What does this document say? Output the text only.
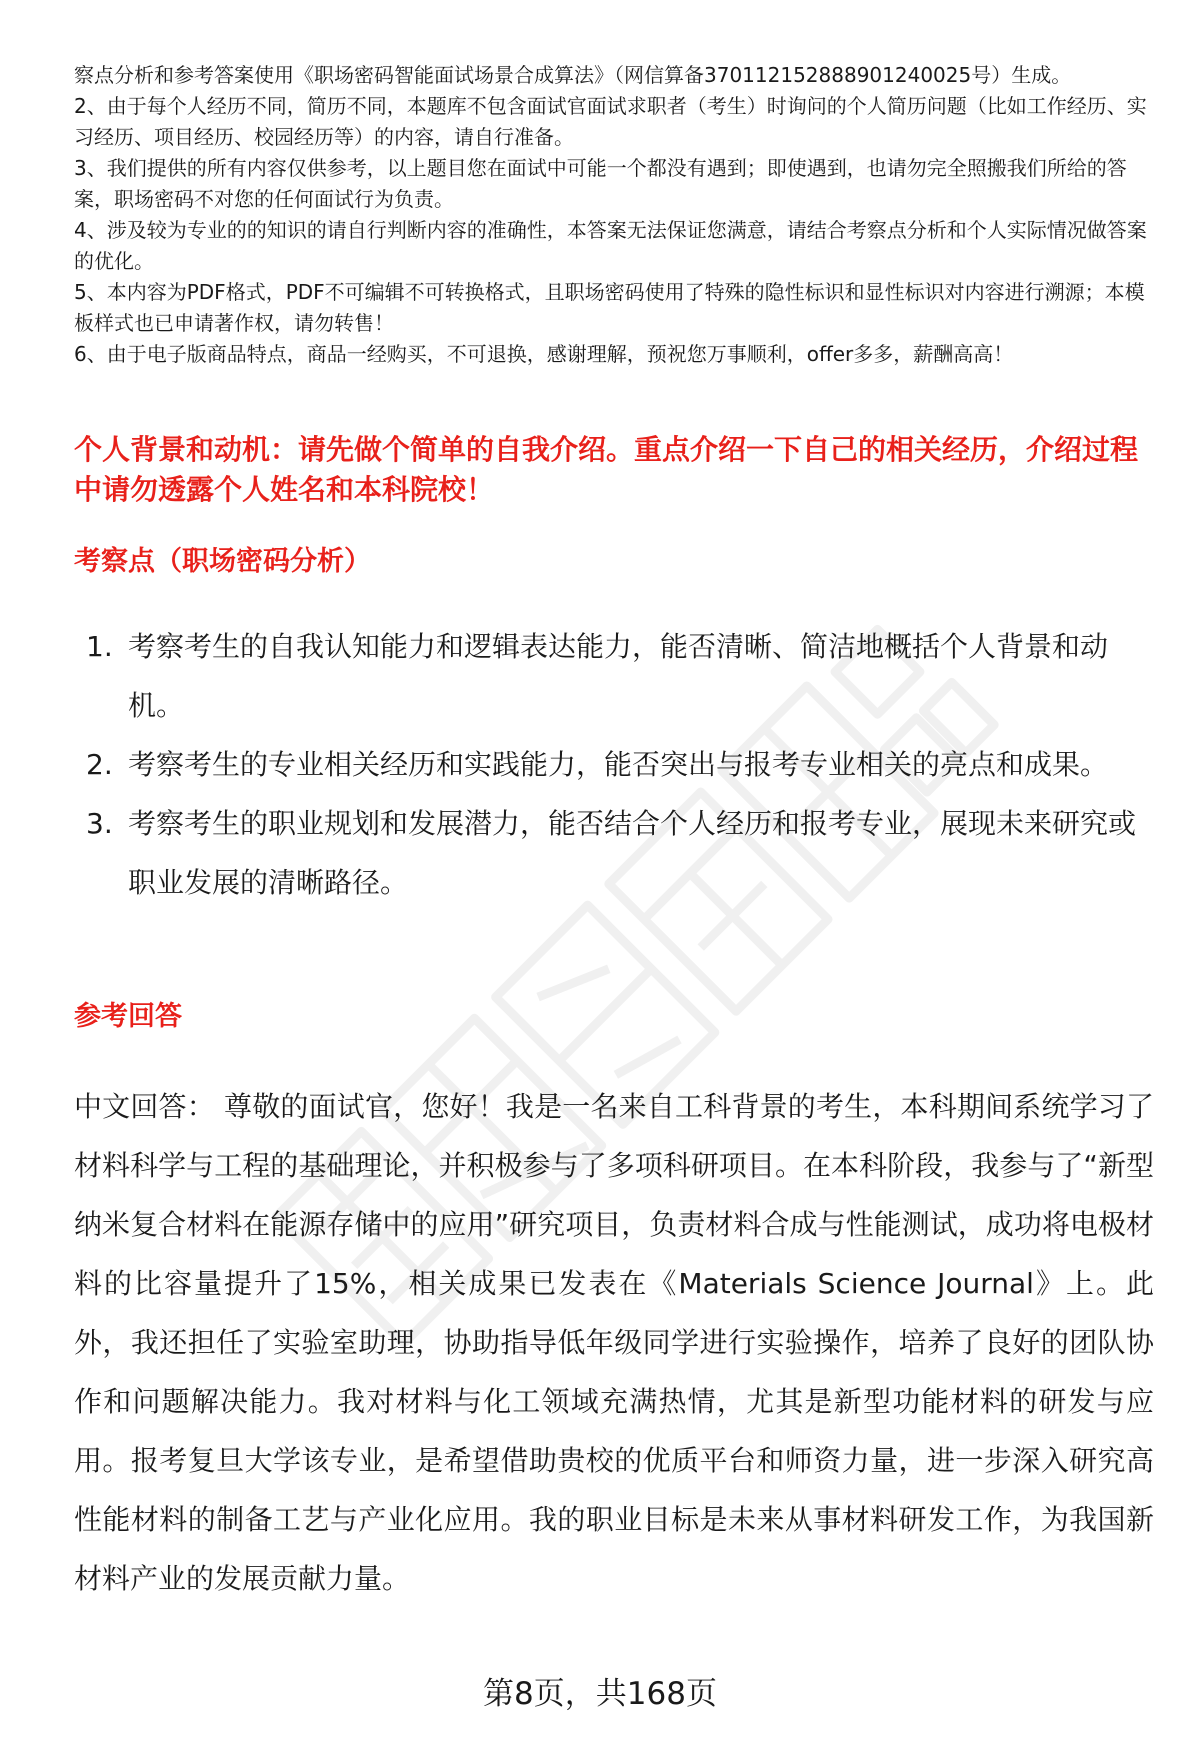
察点分析和参考答案使用《职场密码智能面试场景合成算法》（网信算备370112152888901240025号）生成。

2、由于每个人经历不同，简历不同，本题库不包含面试官面试求职者（考生）时询问的个人简历问题（比如工作经历、实习经历、项目经历、校园经历等）的内容，请自行准备。

3、我们提供的所有内容仅供参考，以上题目您在面试中可能一个都没有遇到；即使遇到，也请勿完全照搬我们所给的答案，职场密码不对您的任何面试行为负责。

4、涉及较为专业的的知识的请自行判断内容的准确性，本答案无法保证您满意，请结合考察点分析和个人实际情况做答案的优化。

5、本内容为PDF格式，PDF不可编辑不可转换格式，且职场密码使用了特殊的隐性标识和显性标识对内容进行溯源；本模板样式也已申请著作权，请勿转售！

6、由于电子版商品特点，商品一经购买，不可退换，感谢理解，预祝您万事顺利，offer多多，薪酬高高！

个人背景和动机：请先做个简单的自我介绍。重点介绍一下自己的相关经历，介绍过程中请勿透露个人姓名和本科院校！
考察点（职场密码分析）
1. 考察考生的自我认知能力和逻辑表达能力，能否清晰、简洁地概括个人背景和动机。
2. 考察考生的专业相关经历和实践能力，能否突出与报考专业相关的亮点和成果。
3. 考察考生的职业规划和发展潜力，能否结合个人经历和报考专业，展现未来研究或职业发展的清晰路径。
参考回答

中文回答： 尊敬的面试官，您好！我是一名来自工科背景的考生，本科期间系统学习了材料科学与工程的基础理论，并积极参与了多项科研项目。在本科阶段，我参与了“新型纳米复合材料在能源存储中的应用”研究项目，负责材料合成与性能测试，成功将电极材料的比容量提升了15%，相关成果已发表在《Materials Science Journal》上。此外，我还担任了实验室助理，协助指导低年级同学进行实验操作，培养了良好的团队协作和问题解决能力。我对材料与化工领域充满热情，尤其是新型功能材料的研发与应用。报考复旦大学该专业，是希望借助贵校的优质平台和师资力量，进一步深入研究高性能材料的制备工艺与产业化应用。我的职业目标是未来从事材料研发工作，为我国新材料产业的发展贡献力量。

第8页，共168页
